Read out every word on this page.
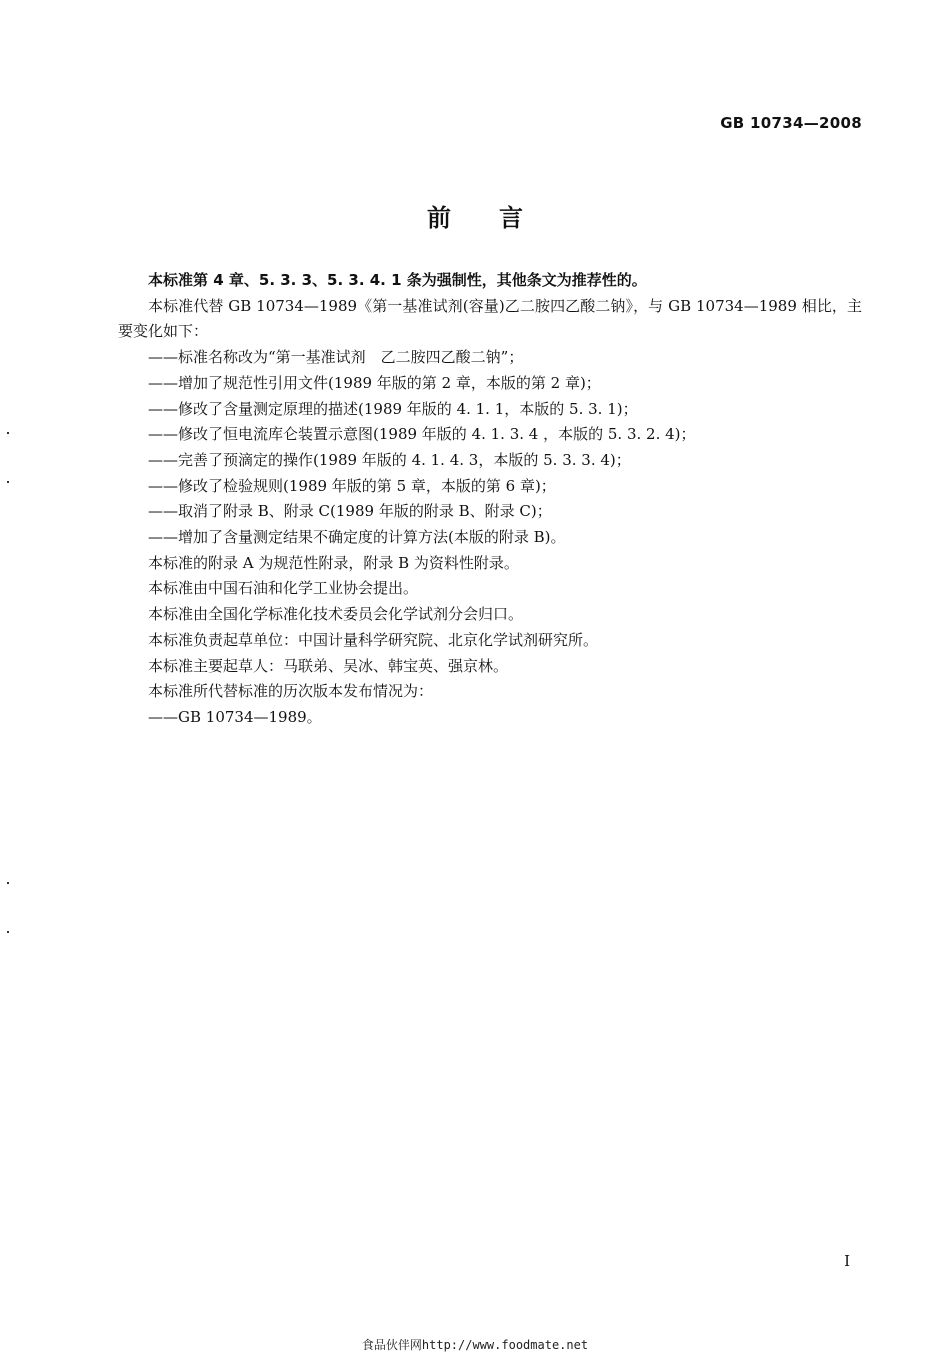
GB 10734—2008
前言

本标准第 4 章、5. 3. 3、5. 3. 4. 1 条为强制性，其他条文为推荐性的。

本标准代替 GB 10734—1989《第一基准试剂(容量)乙二胺四乙酸二钠》，与 GB 10734—1989 相比，主要变化如下：

——标准名称改为“第一基准试剂　乙二胺四乙酸二钠”；

——增加了规范性引用文件(1989 年版的第 2 章，本版的第 2 章)；

——修改了含量测定原理的描述(1989 年版的 4. 1. 1，本版的 5. 3. 1)；

——修改了恒电流库仑装置示意图(1989 年版的 4. 1. 3. 4 ，本版的 5. 3. 2. 4)；

——完善了预滴定的操作(1989 年版的 4. 1. 4. 3，本版的 5. 3. 3. 4)；

——修改了检验规则(1989 年版的第 5 章，本版的第 6 章)；

——取消了附录 B、附录 C(1989 年版的附录 B、附录 C)；

——增加了含量测定结果不确定度的计算方法(本版的附录 B)。

本标准的附录 A 为规范性附录，附录 B 为资料性附录。

本标准由中国石油和化学工业协会提出。

本标准由全国化学标准化技术委员会化学试剂分会归口。

本标准负责起草单位：中国计量科学研究院、北京化学试剂研究所。

本标准主要起草人：马联弟、吴冰、韩宝英、强京林。

本标准所代替标准的历次版本发布情况为：

——GB 10734—1989。

I
食品伙伴网http://www.foodmate.net
